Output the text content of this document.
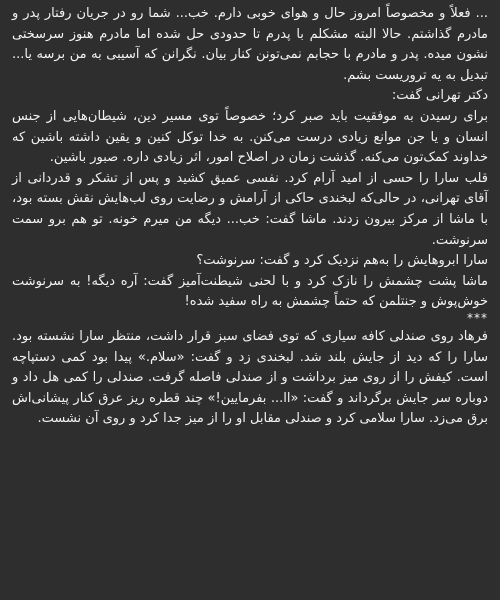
... فعلاً و مخصوصاً امروز حال و هوای خوبی دارم. خب... شما رو در جریان رفتار پدر و مادرم گذاشتم. حالا البته مشکلم با پدرم تا حدودی حل شده اما مادرم هنوز سرسختی نشون میده. پدر و مادرم با حجابم نمی‌تونن کنار بیان. نگرانن که آسیبی به من برسه یا... تبدیل به یه تروریست بشم.

دکتر تهرانی گفت:

برای رسیدن به موفقیت باید صبر کرد؛ خصوصاً توی مسیر دین، شیطان‌هایی از جنس انسان و یا جن موانع زیادی درست می‌کنن. به خدا توکل کنین و یقین داشته باشین که خداوند کمک‌تون می‌کنه. گذشت زمان در اصلاح امور، اثر زیادی داره. صبور باشین.

قلب سارا را حسی از امید آرام کرد. نفسی عمیق کشید و پس از تشکر و قدردانی از آقای تهرانی، در حالی‌که لبخندی حاکی از آرامش و رضایت روی لب‌هایش نقش بسته بود، با ماشا از مرکز بیرون زدند. ماشا گفت: خب... دیگه من میرم خونه. تو هم برو سمت سرنوشت.

سارا ابروهایش را به‌هم نزدیک کرد و گفت: سرنوشت؟

ماشا پشت چشمش را نازک کرد و با لحنی شیطنت‌آمیز گفت: آره دیگه! به سرنوشت خوش‌پوش و جنتلمن که حتماً چشمش به راه سفید شده!

***

فرهاد روی صندلی کافه سیاری که توی فضای سبز قرار داشت، منتظر سارا نشسته بود. سارا را که دید از جایش بلند شد. لبخندی زد و گفت: «سلام.» پیدا بود کمی دستپاچه است. کیفش را از روی میز برداشت و از صندلی فاصله گرفت. صندلی را کمی هل داد و دوباره سر جایش برگرداند و گفت: «اا... بفرمایین!» چند قطره ریز عرق کنار پیشانی‌اش برق می‌زد. سارا سلامی کرد و صندلی مقابل او را از میز جدا کرد و روی آن نشست.
